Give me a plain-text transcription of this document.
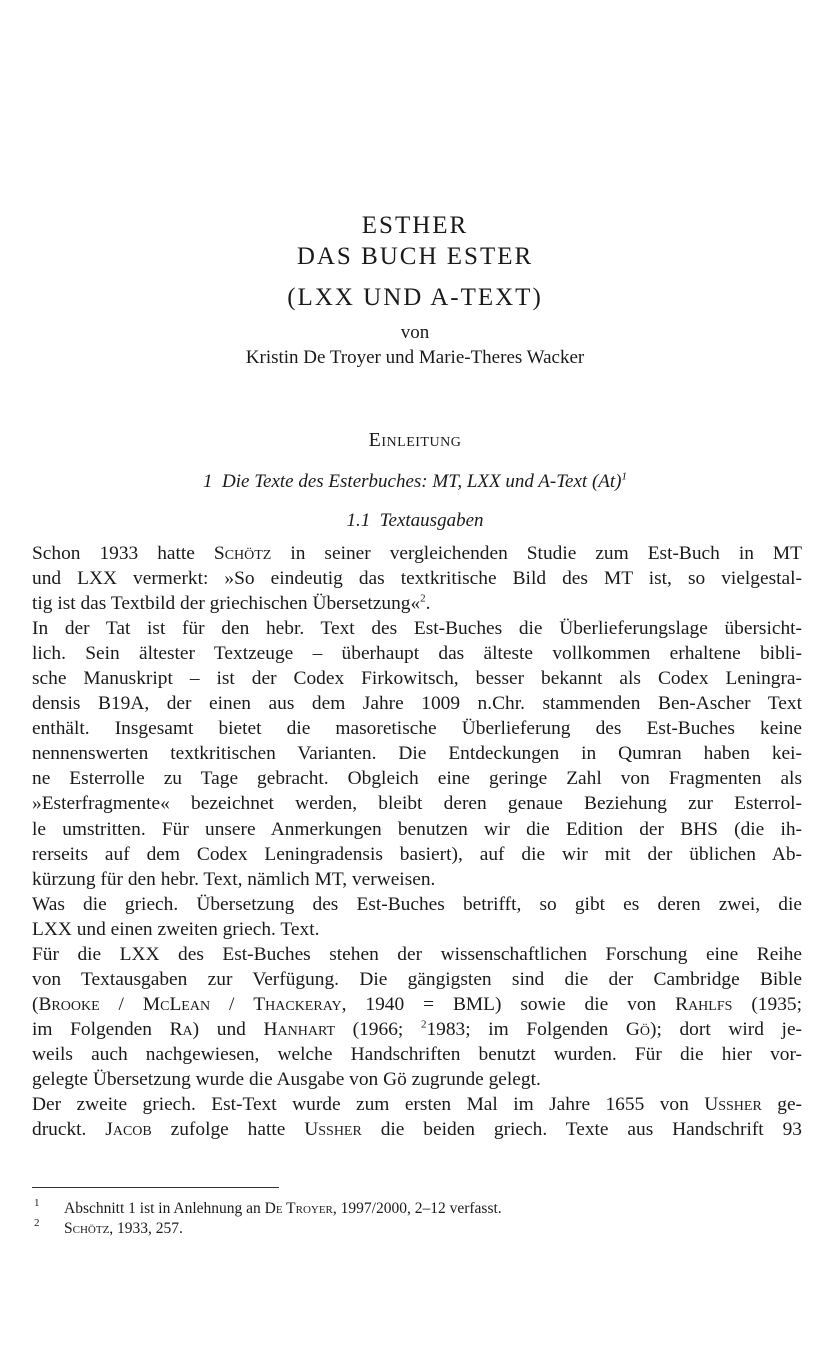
ESTHER
DAS BUCH ESTER
(LXX UND A-TEXT)
von
Kristin De Troyer und Marie-Theres Wacker
Einleitung
1 Die Texte des Esterbuches: MT, LXX und A-Text $(At)^1$
1.1 Textausgaben
Schon 1933 hatte Schötz in seiner vergleichenden Studie zum Est-Buch in MT
und LXX vermerkt: »So eindeutig das textkritische Bild des MT ist, so vielgestal-
tig ist das Textbild der griechischen Übersetzung«$^2$.
In der Tat ist für den hebr. Text des Est-Buches die Überlieferungslage übersicht-
lich. Sein ältester Textzeuge – überhaupt das älteste vollkommen erhaltene bibli-
sche Manuskript – ist der Codex Firkowitsch, besser bekannt als Codex Leningra-
densis B19A, der einen aus dem Jahre 1009 n.Chr. stammenden Ben-Ascher Text
enthält. Insgesamt bietet die masoretische Überlieferung des Est-Buches keine
nennenswerten textkritischen Varianten. Die Entdeckungen in Qumran haben kei-
ne Esterrolle zu Tage gebracht. Obgleich eine geringe Zahl von Fragmenten als
»Esterfragmente« bezeichnet werden, bleibt deren genaue Beziehung zur Esterrol-
le umstritten. Für unsere Anmerkungen benutzen wir die Edition der BHS (die ih-
rerseits auf dem Codex Leningradensis basiert), auf die wir mit der üblichen Ab-
kürzung für den hebr. Text, nämlich MT, verweisen.
Was die griech. Übersetzung des Est-Buches betrifft, so gibt es deren zwei, die
LXX und einen zweiten griech. Text.
Für die LXX des Est-Buches stehen der wissenschaftlichen Forschung eine Reihe
von Textausgaben zur Verfügung. Die gängigsten sind die der Cambridge Bible
(Brooke / McLean / Thackeray, 1940 = BML) sowie die von Rahlfs (1935;
im Folgenden Ra) und Hanhart (1966; $^2$1983; im Folgenden Gö); dort wird je-
weils auch nachgewiesen, welche Handschriften benutzt wurden. Für die hier vor-
gelegte Übersetzung wurde die Ausgabe von Gö zugrunde gelegt.
Der zweite griech. Est-Text wurde zum ersten Mal im Jahre 1655 von Ussher ge-
druckt. Jacob zufolge hatte Ussher die beiden griech. Texte aus Handschrift 93
1 Abschnitt 1 ist in Anlehnung an De Troyer, 1997/2000, 2–12 verfasst.
2 Schötz, 1933, 257.
